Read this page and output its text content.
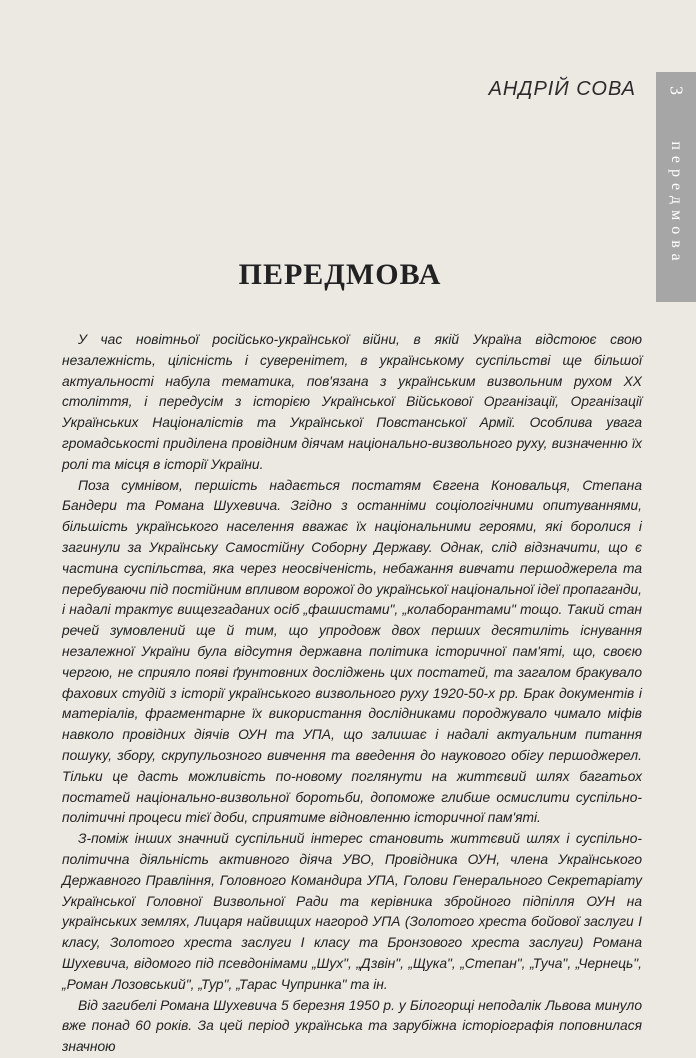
АНДРІЙ СОВА 3
передмова
ПЕРЕДМОВА

У час новітньої російсько-української війни, в якій Україна відстоює свою незалежність, цілісність і суверенітет, в українському суспільстві ще більшої актуальності набула тематика, пов'язана з українським визвольним рухом XX століття, і передусім з історією Української Військової Організації, Організації Українських Націоналістів та Української Повстанської Армії. Особлива увага громадськості приділена провідним діячам національно-визвольного руху, визначенню їх ролі та місця в історії України.

Поза сумнівом, першість надається постатям Євгена Коновальця, Степана Бандери та Романа Шухевича. Згідно з останніми соціологічними опитуваннями, більшість українського населення вважає їх національними героями, які боролися і загинули за Українську Самостійну Соборну Державу. Однак, слід відзначити, що є частина суспільства, яка через неосвіченість, небажання вивчати першоджерела та перебуваючи під постійним впливом ворожої до української національної ідеї пропаганди, і надалі трактує вищезгаданих осіб „фашистами", „колаборантами" тощо. Такий стан речей зумовлений ще й тим, що упродовж двох перших десятиліть існування незалежної України була відсутня державна політика історичної пам'яті, що, своєю чергою, не сприяло появі ґрунтовних досліджень цих постатей, та загалом бракувало фахових студій з історії українського визвольного руху 1920-50-х рр. Брак документів і матеріалів, фрагментарне їх використання дослідниками породжувало чимало міфів навколо провідних діячів ОУН та УПА, що залишає і надалі актуальним питання пошуку, збору, скрупульозного вивчення та введення до наукового обігу першоджерел. Тільки це дасть можливість по-новому поглянути на життєвий шлях багатьох постатей національно-визвольної боротьби, допоможе глибше осмислити суспільно-політичні процеси тієї доби, сприятиме відновленню історичної пам'яті.

З-поміж інших значний суспільний інтерес становить життєвий шлях і суспільно-політична діяльність активного діяча УВО, Провідника ОУН, члена Українського Державного Правління, Головного Командира УПА, Голови Генерального Секретаріату Української Головної Визвольної Ради та керівника збройного підпілля ОУН на українських землях, Лицаря найвищих нагород УПА (Золотого хреста бойової заслуги І класу, Золотого хреста заслуги І класу та Бронзового хреста заслуги) Романа Шухевича, відомого під псевдонімами „Шух", „Дзвін", „Щука", „Степан", „Туча", „Чернець", „Роман Лозовський", „Тур", „Тарас Чупринка" та ін.

Від загибелі Романа Шухевича 5 березня 1950 р. у Білогорщі неподалік Львова минуло вже понад 60 років. За цей період українська та зарубіжна історіографія поповнилася значною
